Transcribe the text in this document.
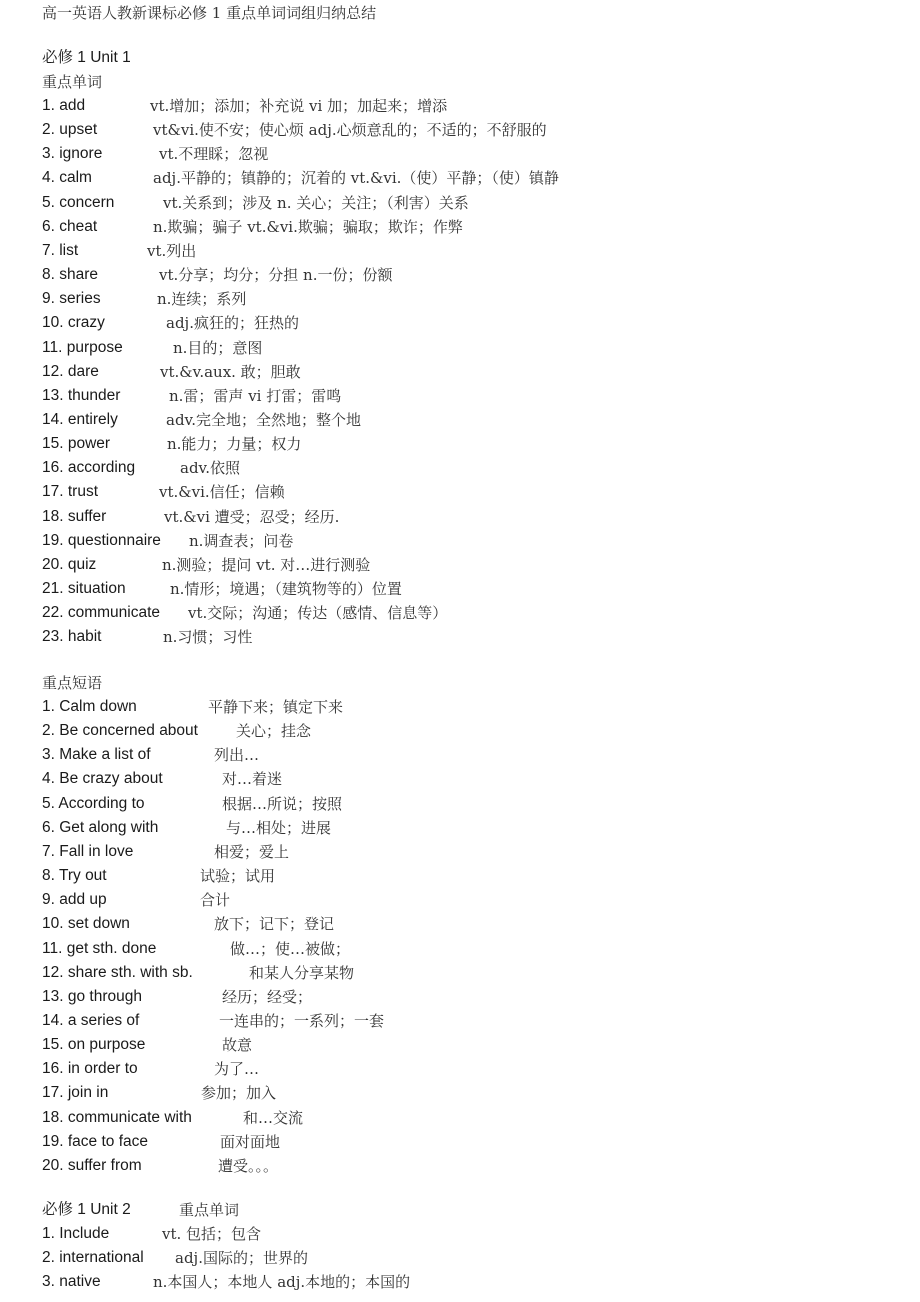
高一英语人教新课标必修 1 重点单词词组归纳总结
必修 1 Unit 1
重点单词
1. add	vt.增加；添加；补充说 vi 加；加起来；增添
2. upset	vt&vi.使不安；使心烦 adj.心烦意乱的；不适的；不舒服的
3. ignore	vt.不理睬；忽视
4. calm	adj.平静的；镇静的；沉着的 vt.&vi.（使）平静；（使）镇静
5. concern	vt.关系到；涉及 n. 关心；关注；（利害）关系
6. cheat	n.欺骗；骗子 vt.&vi.欺骗；骗取；欺诈；作弊
7. list	vt.列出
8. share	vt.分享；均分；分担 n.一份；份额
9. series	n.连续；系列
10. crazy	adj.疯狂的；狂热的
11. purpose	n.目的；意图
12. dare	vt.&v.aux. 敢；胆敢
13. thunder	n.雷；雷声 vi 打雷；雷鸣
14. entirely	adv.完全地；全然地；整个地
15. power	n.能力；力量；权力
16. according	adv.依照
17. trust	vt.&vi.信任；信赖
18. suffer	vt.&vi 遭受；忍受；经历.
19. questionnaire n.调查表；问卷
20. quiz	n.测验；提问 vt. 对…进行测验
21. situation	n.情形；境遇；（建筑物等的）位置
22. communicate vt.交际；沟通；传达（感情、信息等）
23. habit	n.习惯；习性
重点短语
1. Calm down	平静下来；镇定下来
2. Be concerned about	关心；挂念
3. Make a list of	列出…
4. Be crazy about	对…着迷
5. According to	根据…所说；按照
6. Get along with	与…相处；进展
7. Fall in love	相爱；爱上
8. Try out	试验；试用
9. add up	合计
10. set down	放下；记下；登记
11. get sth. done	做…；使…被做；
12. share sth. with sb.	和某人分享某物
13. go through	经历；经受；
14. a series of	一连串的；一系列；一套
15. on purpose	故意
16. in order to	为了…
17. join in	参加；加入
18. communicate with	和…交流
19. face to face	面对面地
20. suffer from	遭受。。。
必修 1 Unit 2	重点单词
1. Include	vt. 包括；包含
2. international adj.国际的；世界的
3. native	n.本国人；本地人 adj.本地的；本国的
